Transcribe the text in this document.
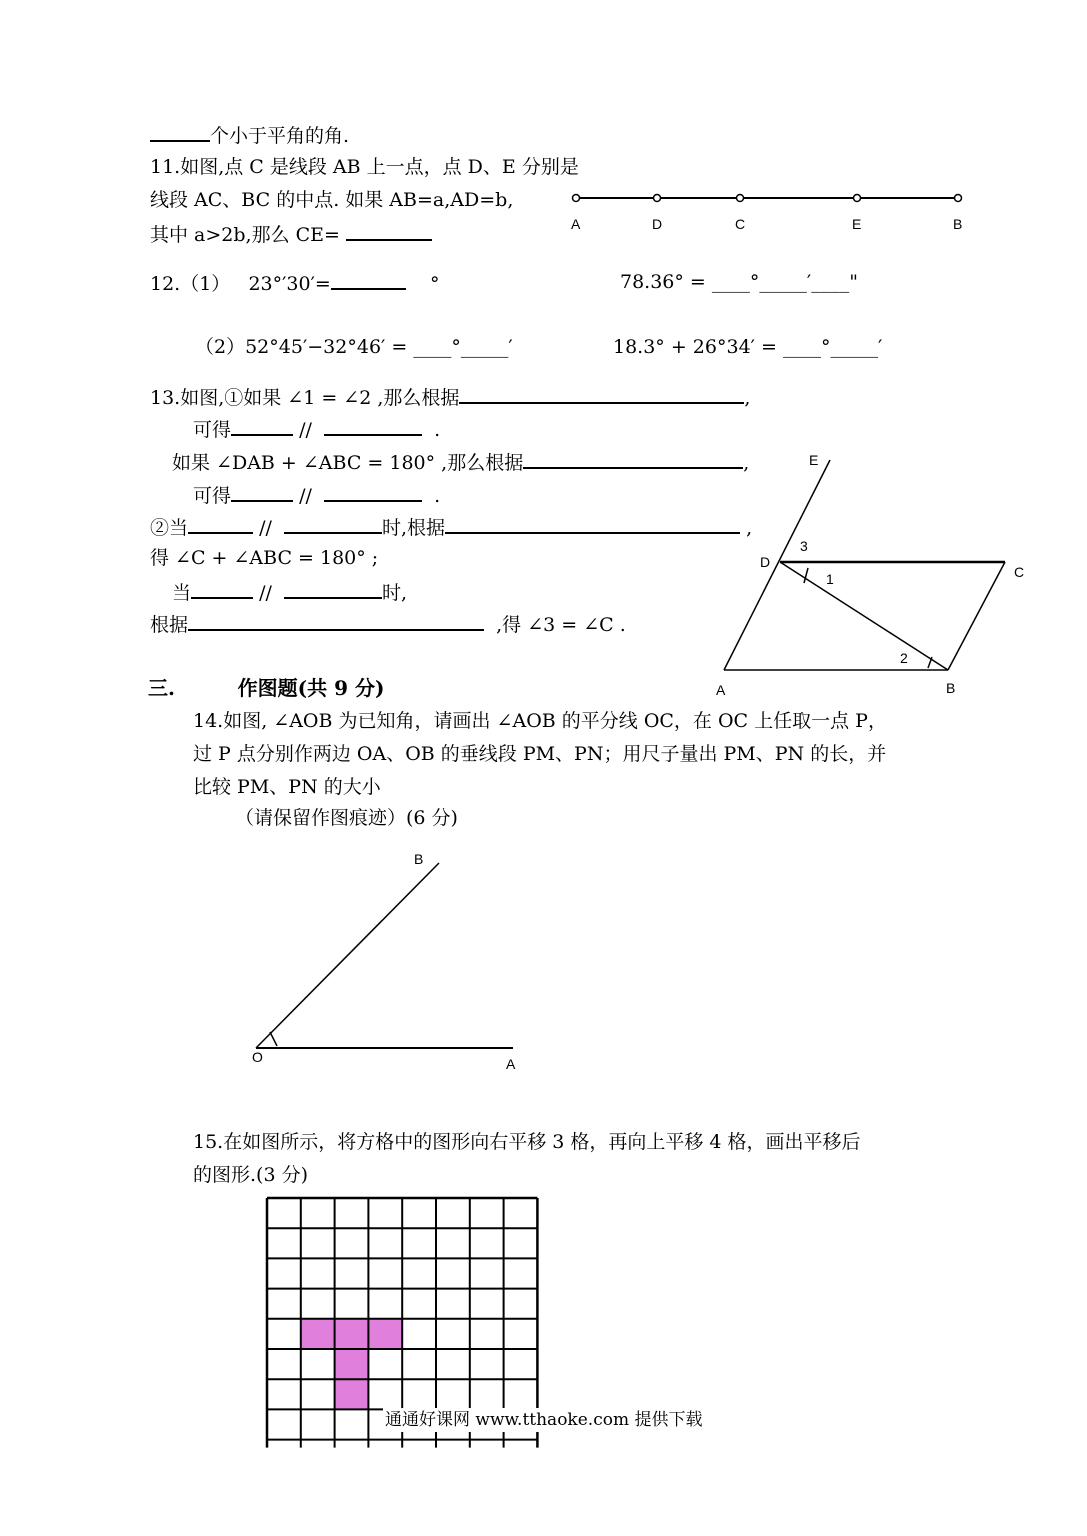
个小于平角的角.
11.如图,点 C 是线段 AB 上一点，点 D、E 分别是
线段 AC、BC 的中点. 如果 AB=a,AD=b,
其中 a>2b,那么 CE=	A	D	C	E	B
12.（1） 23°′30′=	°	78.36° = ____°_____′____"
（2）52°45′−32°46′ = ____°_____′	18.3° + 26°34′ = ____°_____′
13.如图,①如果 ∠1 = ∠2 ,那么根据	,
可得	//	.
如果 ∠DAB + ∠ABC = 180° ,那么根据	,
可得	//	.
②当	//	时,根据	,
得 ∠C + ∠ABC = 180° ;
当	//	时,
根据	,得 ∠3 = ∠C .
E
D
C
A	B
3
1
2
三.	作图题(共 9 分)
14.如图, ∠AOB 为已知角，请画出 ∠AOB 的平分线 OC，在 OC 上任取一点 P，
过 P 点分别作两边 OA、OB 的垂线段 PM、PN；用尺子量出 PM、PN 的长，并
比较 PM、PN 的大小
（请保留作图痕迹）(6 分)
O	A
B
15.在如图所示，将方格中的图形向右平移 3 格，再向上平移 4 格，画出平移后
的图形.(3 分)
通通好课网 www.tthaoke.com 提供下载
